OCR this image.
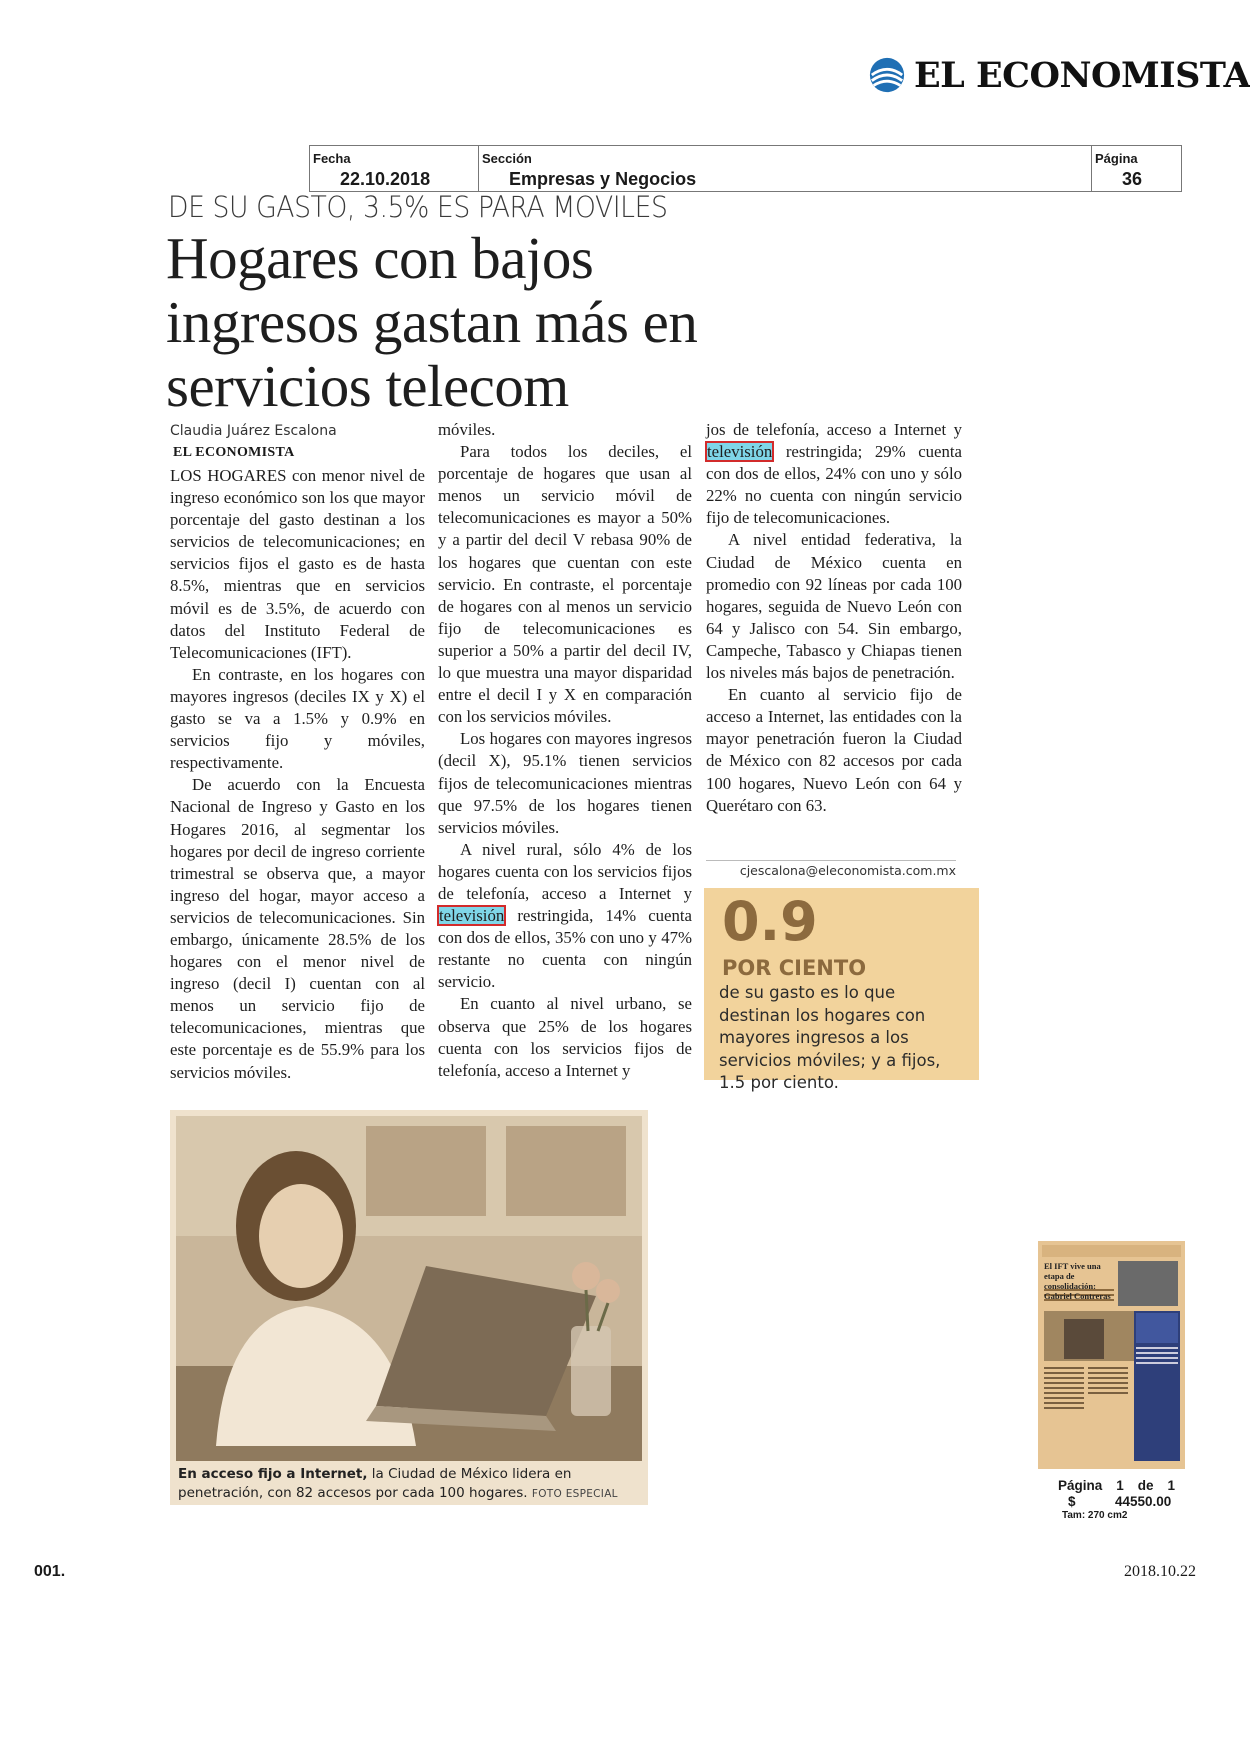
EL ECONOMISTA
Fecha
22.10.2018
Sección
Empresas y Negocios
Página
36
DE SU GASTO, 3.5% ES PARA MOVILES
Hogares con bajos ingresos gastan más en servicios telecom
Claudia Juárez Escalona
EL ECONOMISTA

LOS HOGARES con menor nivel de ingreso económico son los que mayor porcentaje del gasto destinan a los servicios de telecomunicaciones; en servicios fijos el gasto es de hasta 8.5%, mientras que en servicios móvil es de 3.5%, de acuerdo con datos del Instituto Federal de Telecomunicaciones (IFT).

En contraste, en los hogares con mayores ingresos (deciles IX y X) el gasto se va a 1.5% y 0.9% en servicios fijo y móviles, respectivamente.

De acuerdo con la Encuesta Nacional de Ingreso y Gasto en los Hogares 2016, al segmentar los hogares por decil de ingreso corriente trimestral se observa que, a mayor ingreso del hogar, mayor acceso a servicios de telecomunicaciones. Sin embargo, únicamente 28.5% de los hogares con el menor nivel de ingreso (decil I) cuentan con al menos un servicio fijo de telecomunicaciones, mientras que este porcentaje es de 55.9% para los servicios móviles.

móviles.

Para todos los deciles, el porcentaje de hogares que usan al menos un servicio móvil de telecomunicaciones es mayor a 50% y a partir del decil V rebasa 90% de los hogares que cuentan con este servicio. En contraste, el porcentaje de hogares con al menos un servicio fijo de telecomunicaciones es superior a 50% a partir del decil IV, lo que muestra una mayor disparidad entre el decil I y X en comparación con los servicios móviles.

Los hogares con mayores ingresos (decil X), 95.1% tienen servicios fijos de telecomunicaciones mientras que 97.5% de los hogares tienen servicios móviles.

A nivel rural, sólo 4% de los hogares cuenta con los servicios fijos de telefonía, acceso a Internet y televisión restringida, 14% cuenta con dos de ellos, 35% con uno y 47% restante no cuenta con ningún servicio.

En cuanto al nivel urbano, se observa que 25% de los hogares cuenta con los servicios fijos de telefonía, acceso a Internet y

jos de telefonía, acceso a Internet y televisión restringida; 29% cuenta con dos de ellos, 24% con uno y sólo 22% no cuenta con ningún servicio fijo de telecomunicaciones.

A nivel entidad federativa, la Ciudad de México cuenta en promedio con 92 líneas por cada 100 hogares, seguida de Nuevo León con 64 y Jalisco con 54. Sin embargo, Campeche, Tabasco y Chiapas tienen los niveles más bajos de penetración.

En cuanto al servicio fijo de acceso a Internet, las entidades con la mayor penetración fueron la Ciudad de México con 82 accesos por cada 100 hogares, Nuevo León con 64 y Querétaro con 63.

cjescalona@eleconomista.com.mx
0.9
POR CIENTO
de su gasto es lo que destinan los hogares con mayores ingresos a los servicios móviles; y a fijos, 1.5 por ciento.
En acceso fijo a Internet, la Ciudad de México lidera en penetración, con 82 accesos por cada 100 hogares. FOTO ESPECIAL
El IFT vive una etapa de consolidación: Gabriel Contreras
Página 1 de 1
$	44550.00
Tam: 270 cm2
001.	2018.10.22
